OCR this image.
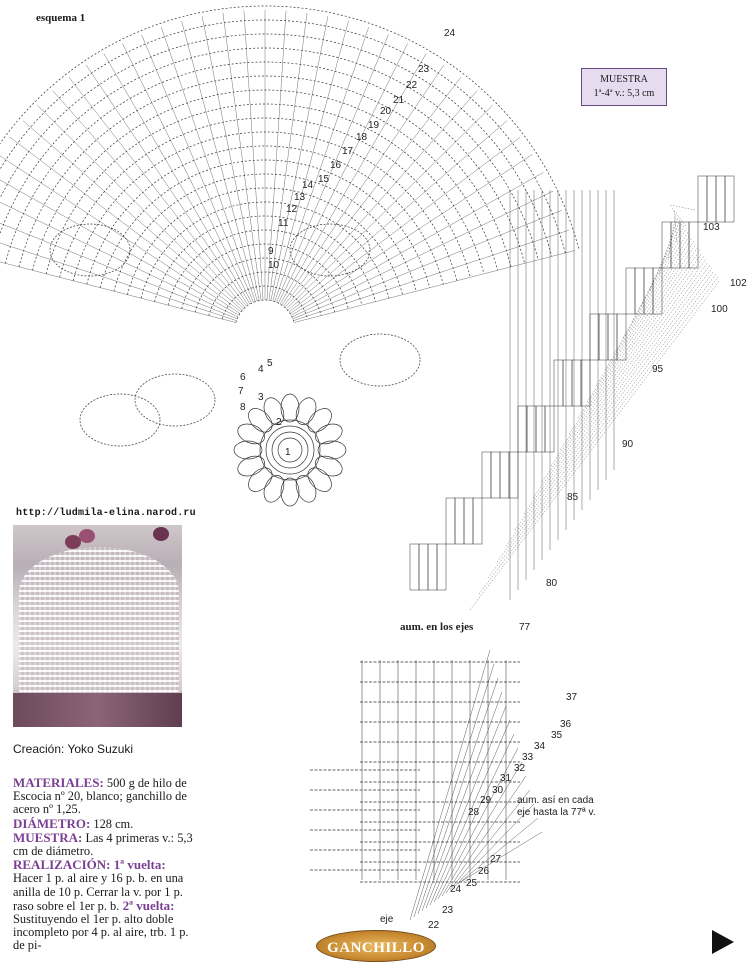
1
2
3
4
5
6
7
8
9
10
11
12
13
14
15
16
17
18
19
20
21
22
23
24
103
102
100
95
90
85
80
77
37
36
35
34
33
32
31
30
29
28
27
26
25
24
23
22
aum. en los ejes
aum. así en cada
eje hasta la 77ª v.
eje
esquema 1
MUESTRA
1ª-4ª v.: 5,3 cm
http://ludmila-elina.narod.ru
Creación: Yoko Suzuki
MATERIALES: 500 g de hilo de Escocia nº 20, blanco; ganchillo de acero nº 1,25.
DIÁMETRO: 128 cm.
MUESTRA: Las 4 primeras v.: 5,3 cm de diámetro.
REALIZACIÓN: 1ª vuelta: Hacer 1 p. al aire y 16 p. b. en una anilla de 10 p. Cerrar la v. por 1 p. raso sobre el 1er p. b. 2ª vuelta: Sustituyendo el 1er p. alto doble incompleto por 4 p. al aire, trb. 1 p. de pi-	GANCHILLO
